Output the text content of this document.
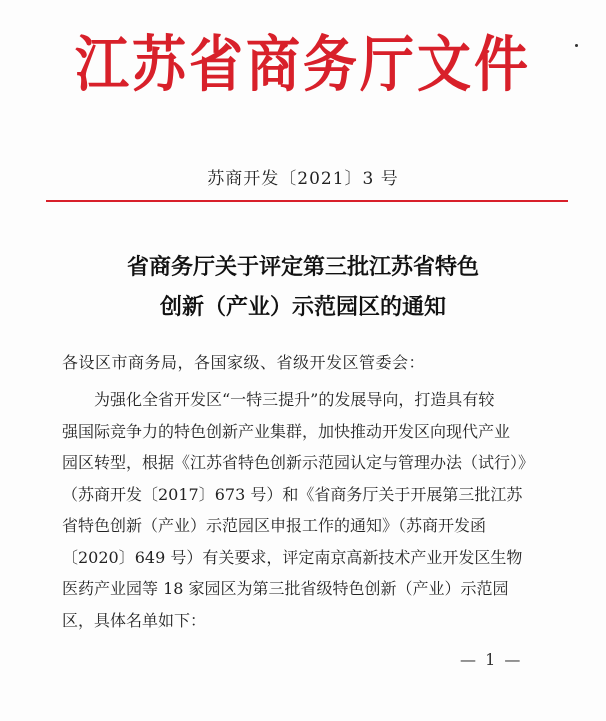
江苏省商务厅文件
苏商开发〔2021〕3 号
省商务厅关于评定第三批江苏省特色
创新（产业）示范园区的通知
各设区市商务局，各国家级、省级开发区管委会：
为强化全省开发区“一特三提升”的发展导向，打造具有较
强国际竞争力的特色创新产业集群，加快推动开发区向现代产业
园区转型，根据《江苏省特色创新示范园认定与管理办法（试行）》
（苏商开发〔2017〕673 号）和《省商务厅关于开展第三批江苏
省特色创新（产业）示范园区申报工作的通知》（苏商开发函
〔2020〕649 号）有关要求，评定南京高新技术产业开发区生物
医药产业园等 18 家园区为第三批省级特色创新（产业）示范园
区，具体名单如下：
— 1 —
